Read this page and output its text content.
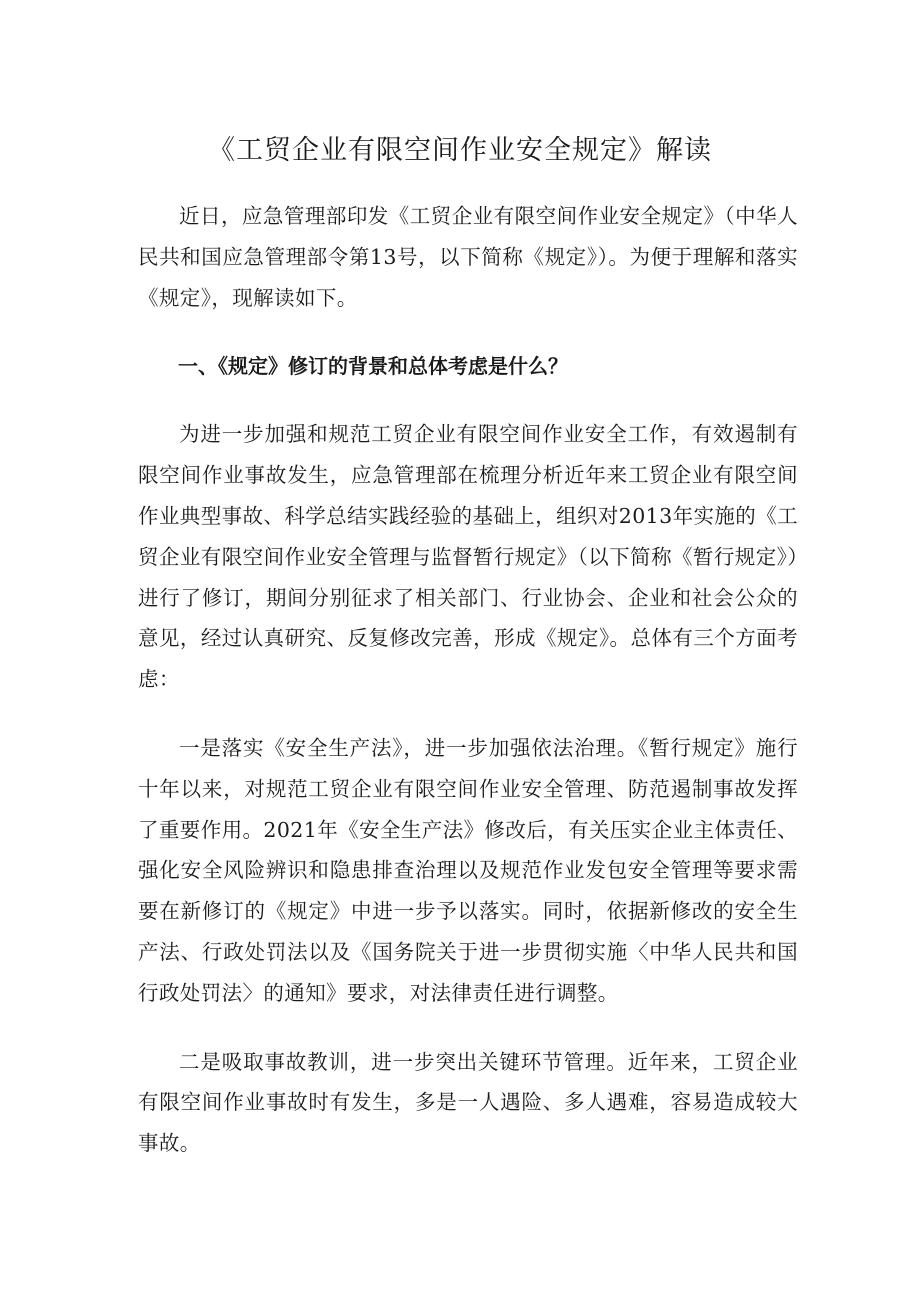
《工贸企业有限空间作业安全规定》解读

近日，应急管理部印发《工贸企业有限空间作业安全规定》（中华人民共和国应急管理部令第13号，以下简称《规定》）。为便于理解和落实《规定》，现解读如下。

一、《规定》修订的背景和总体考虑是什么？

为进一步加强和规范工贸企业有限空间作业安全工作，有效遏制有限空间作业事故发生，应急管理部在梳理分析近年来工贸企业有限空间作业典型事故、科学总结实践经验的基础上，组织对2013年实施的《工贸企业有限空间作业安全管理与监督暂行规定》（以下简称《暂行规定》）进行了修订，期间分别征求了相关部门、行业协会、企业和社会公众的意见，经过认真研究、反复修改完善，形成《规定》。总体有三个方面考虑：

一是落实《安全生产法》，进一步加强依法治理。《暂行规定》施行十年以来，对规范工贸企业有限空间作业安全管理、防范遏制事故发挥了重要作用。2021年《安全生产法》修改后，有关压实企业主体责任、强化安全风险辨识和隐患排查治理以及规范作业发包安全管理等要求需要在新修订的《规定》中进一步予以落实。同时，依据新修改的安全生产法、行政处罚法以及《国务院关于进一步贯彻实施〈中华人民共和国行政处罚法〉的通知》要求，对法律责任进行调整。

二是吸取事故教训，进一步突出关键环节管理。近年来，工贸企业有限空间作业事故时有发生，多是一人遇险、多人遇难，容易造成较大事故。
